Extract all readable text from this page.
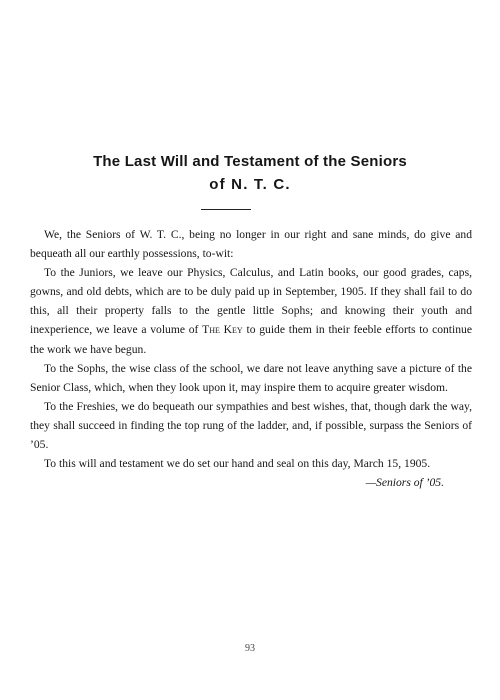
The Last Will and Testament of the Seniors
of N. T. C.

We, the Seniors of W. T. C., being no longer in our right and sane minds, do give and bequeath all our earthly possessions, to-wit:

To the Juniors, we leave our Physics, Calculus, and Latin books, our good grades, caps, gowns, and old debts, which are to be duly paid up in September, 1905. If they shall fail to do this, all their property falls to the gentle little Sophs; and knowing their youth and inexperience, we leave a volume of The Key to guide them in their feeble efforts to continue the work we have begun.

To the Sophs, the wise class of the school, we dare not leave anything save a picture of the Senior Class, which, when they look upon it, may inspire them to acquire greater wisdom.

To the Freshies, we do bequeath our sympathies and best wishes, that, though dark the way, they shall succeed in finding the top rung of the ladder, and, if possible, surpass the Seniors of ’05.

To this will and testament we do set our hand and seal on this day, March 15, 1905.

—Seniors of ’05.

93
